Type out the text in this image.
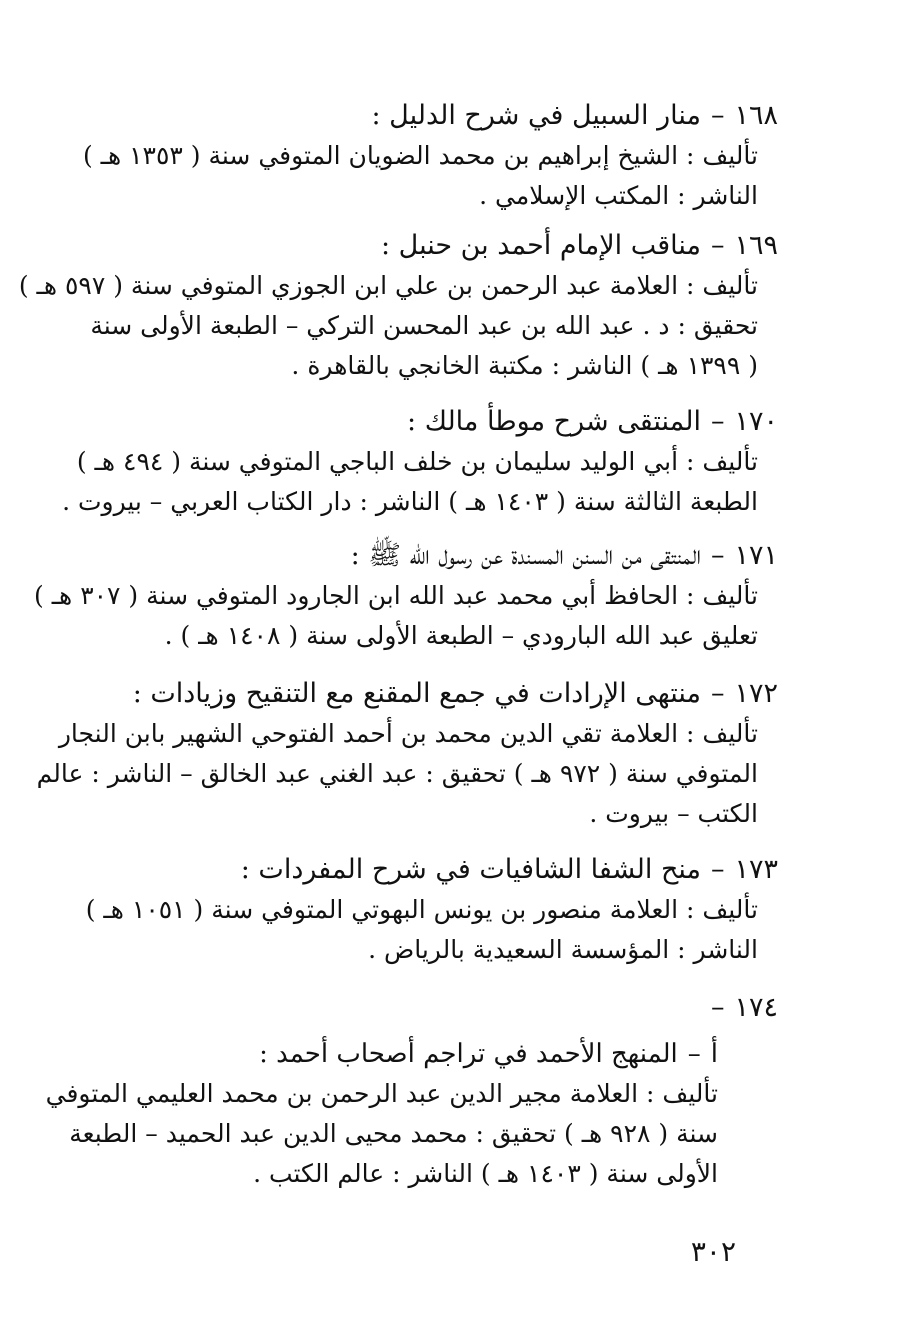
١٦٨
–
منار السبيل في شرح الدليل :
تأليف : الشيخ إبراهيم بن محمد الضويان المتوفي سنة ( ١٣٥٣ هـ )
الناشر : المكتب الإسلامي .
١٦٩
–
مناقب الإمام أحمد بن حنبل :
تأليف : العلامة عبد الرحمن بن علي ابن الجوزي المتوفي سنة ( ٥٩٧ هـ )
تحقيق : د . عبد الله بن عبد المحسن التركي – الطبعة الأولى سنة
( ١٣٩٩ هـ ) الناشر : مكتبة الخانجي بالقاهرة .
١٧٠
–
المنتقى شرح موطأ مالك :
تأليف : أبي الوليد سليمان بن خلف الباجي المتوفي سنة ( ٤٩٤ هـ )
الطبعة الثالثة سنة ( ١٤٠٣ هـ ) الناشر : دار الكتاب العربي – بيروت .
١٧١
–
المنتقى من السنن المسندة عن رسول الله ﷺ :
تأليف : الحافظ أبي محمد عبد الله ابن الجارود المتوفي سنة ( ٣٠٧ هـ )
تعليق عبد الله البارودي – الطبعة الأولى سنة ( ١٤٠٨ هـ ) .
١٧٢
–
منتهى الإرادات في جمع المقنع مع التنقيح وزيادات :
تأليف : العلامة تقي الدين محمد بن أحمد الفتوحي الشهير بابن النجار
المتوفي سنة ( ٩٧٢ هـ ) تحقيق : عبد الغني عبد الخالق – الناشر : عالم
الكتب – بيروت .
١٧٣
–
منح الشفا الشافيات في شرح المفردات :
تأليف : العلامة منصور بن يونس البهوتي المتوفي سنة ( ١٠٥١ هـ )
الناشر : المؤسسة السعيدية بالرياض .
١٧٤
–
أ
–
المنهج الأحمد في تراجم أصحاب أحمد :
تأليف : العلامة مجير الدين عبد الرحمن بن محمد العليمي المتوفي
سنة ( ٩٢٨ هـ ) تحقيق : محمد محيى الدين عبد الحميد – الطبعة
الأولى سنة ( ١٤٠٣ هـ ) الناشر : عالم الكتب .
٣٠٢
